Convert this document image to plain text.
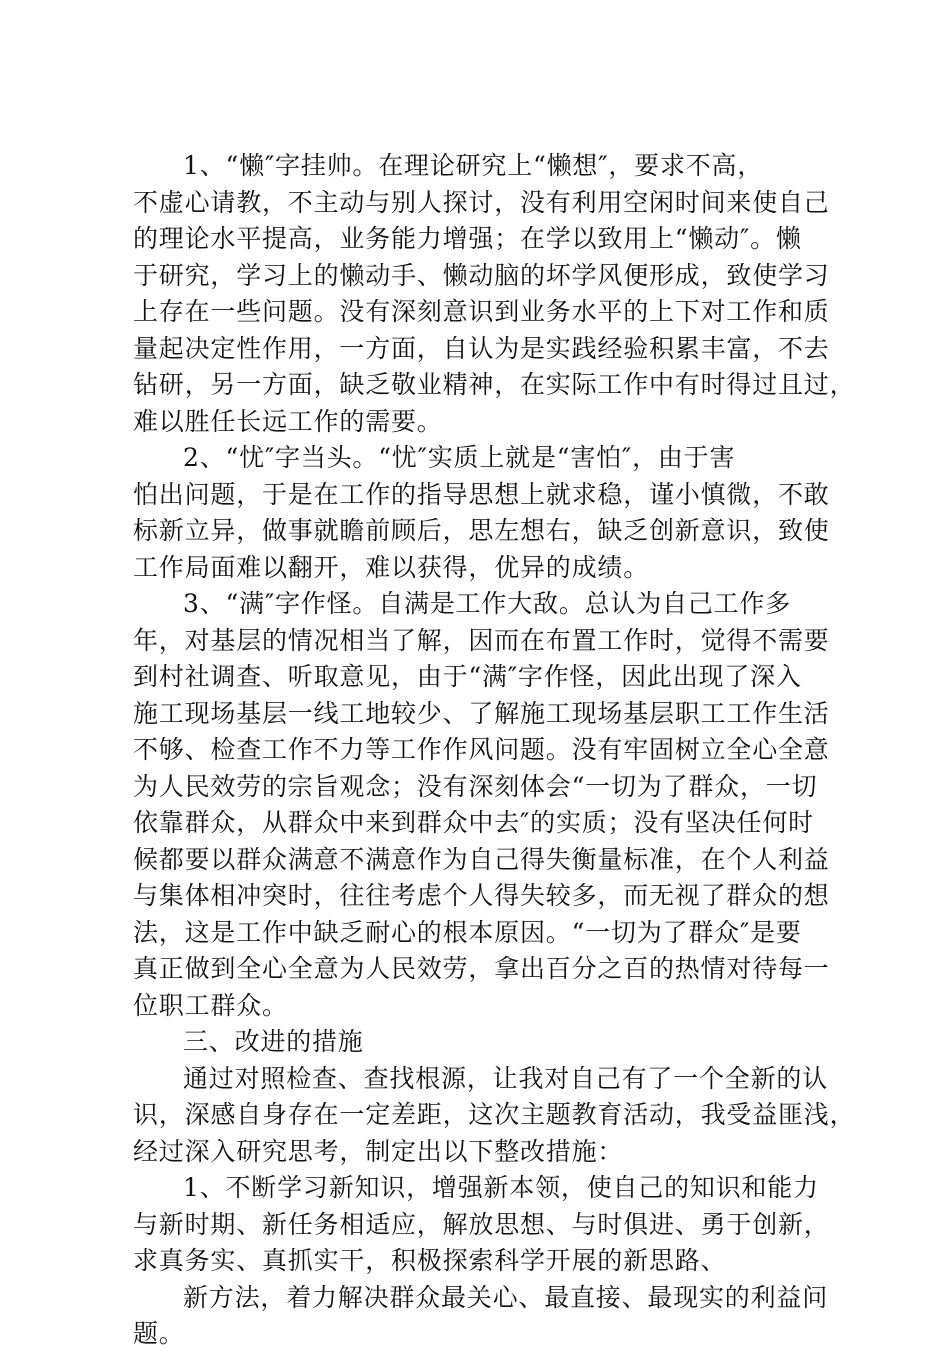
1、“懒″字挂帅。在理论研究上“懒想″，要求不高，
不虚心请教，不主动与别人探讨，没有利用空闲时间来使自己
的理论水平提高，业务能力增强；在学以致用上“懒动″。懒
于研究，学习上的懒动手、懒动脑的坏学风便形成，致使学习
上存在一些问题。没有深刻意识到业务水平的上下对工作和质
量起决定性作用，一方面，自认为是实践经验积累丰富，不去
钻研，另一方面，缺乏敬业精神，在实际工作中有时得过且过，
难以胜任长远工作的需要。
2、“忧″字当头。“忧″实质上就是“害怕″，由于害
怕出问题，于是在工作的指导思想上就求稳，谨小慎微，不敢
标新立异，做事就瞻前顾后，思左想右，缺乏创新意识，致使
工作局面难以翻开，难以获得，优异的成绩。
3、“满″字作怪。自满是工作大敌。总认为自己工作多
年，对基层的情况相当了解，因而在布置工作时，觉得不需要
到村社调查、听取意见，由于“满″字作怪，因此出现了深入
施工现场基层一线工地较少、了解施工现场基层职工工作生活
不够、检查工作不力等工作作风问题。没有牢固树立全心全意
为人民效劳的宗旨观念；没有深刻体会“一切为了群众，一切
依靠群众，从群众中来到群众中去″的实质；没有坚决任何时
候都要以群众满意不满意作为自己得失衡量标准，在个人利益
与集体相冲突时，往往考虑个人得失较多，而无视了群众的想
法，这是工作中缺乏耐心的根本原因。“一切为了群众″是要
真正做到全心全意为人民效劳，拿出百分之百的热情对待每一
位职工群众。
三、改进的措施
通过对照检查、查找根源，让我对自己有了一个全新的认
识，深感自身存在一定差距，这次主题教育活动，我受益匪浅，
经过深入研究思考，制定出以下整改措施：
1、不断学习新知识，增强新本领，使自己的知识和能力
与新时期、新任务相适应，解放思想、与时俱进、勇于创新，
求真务实、真抓实干，积极探索科学开展的新思路、
新方法，着力解决群众最关心、最直接、最现实的利益问
题。
